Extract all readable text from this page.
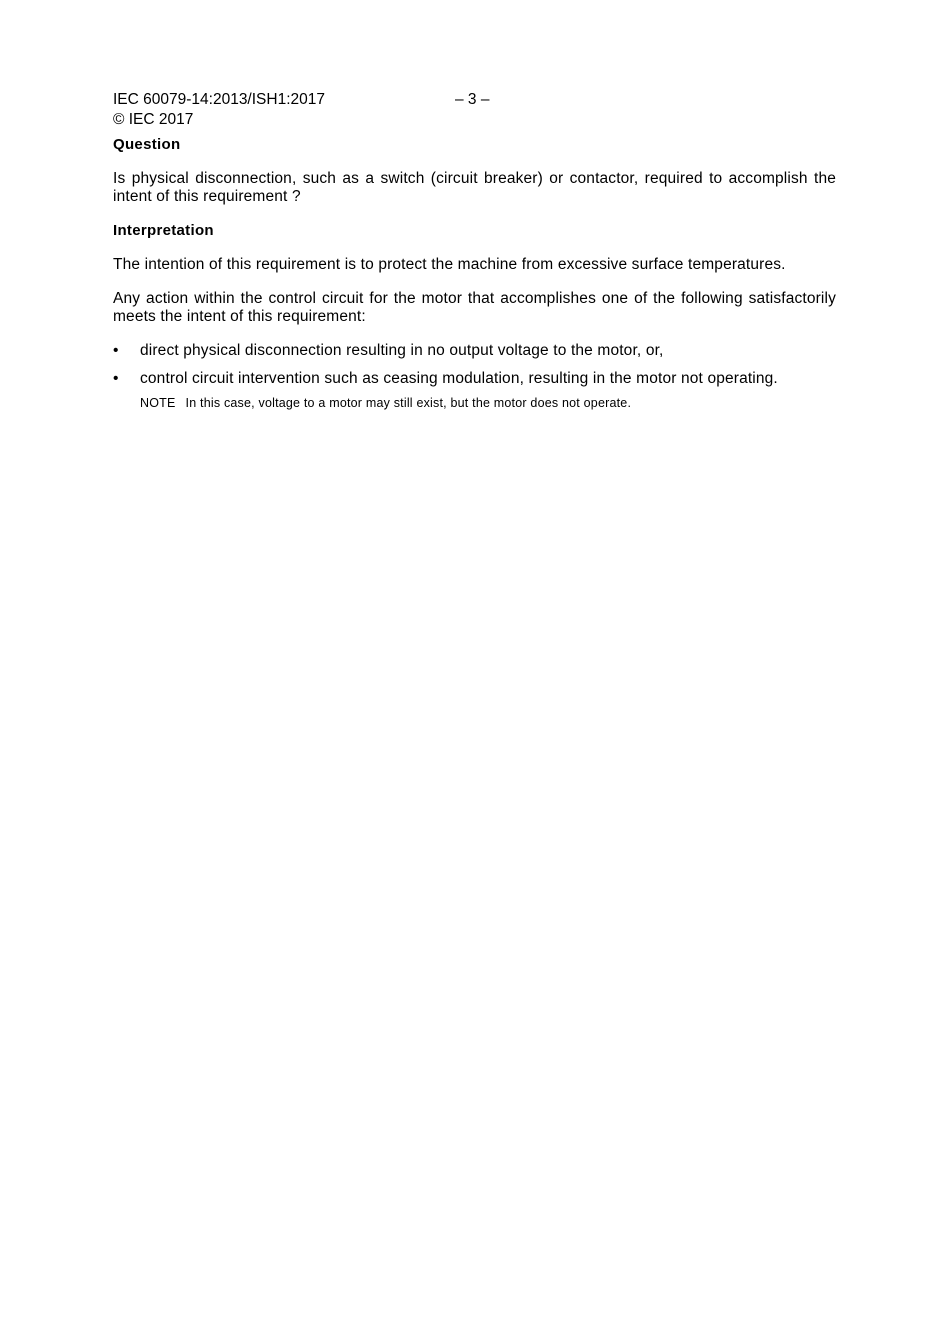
IEC 60079-14:2013/ISH1:2017	– 3 –
© IEC 2017
Question

Is physical disconnection, such as a switch (circuit breaker) or contactor, required to accomplish the intent of this requirement ?

Interpretation

The intention of this requirement is to protect the machine from excessive surface temperatures.

Any action within the control circuit for the motor that accomplishes one of the following satisfactorily meets the intent of this requirement:

•	direct physical disconnection resulting in no output voltage to the motor, or,
•	control circuit intervention such as ceasing modulation, resulting in the motor not operating.
NOTE In this case, voltage to a motor may still exist, but the motor does not operate.
